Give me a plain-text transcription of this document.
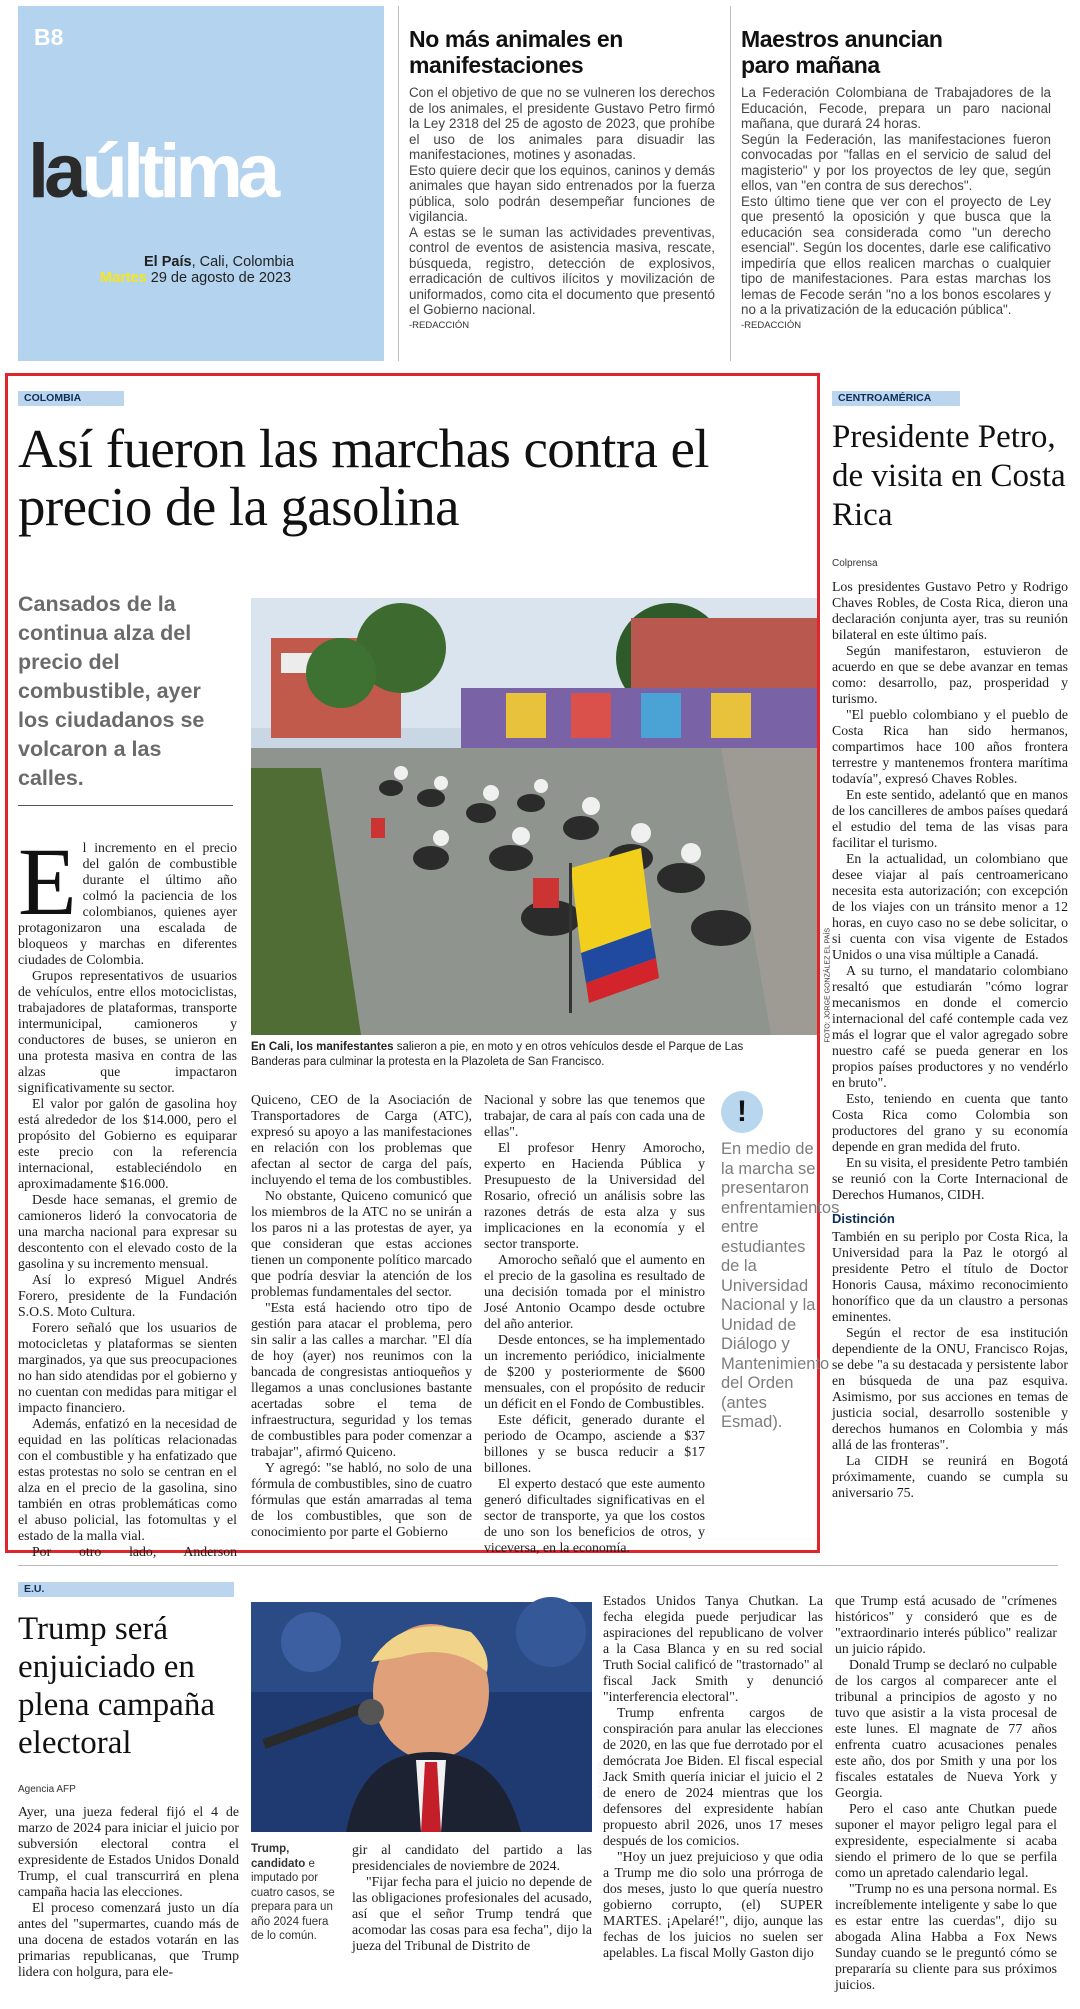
B8
laúltima
El País, Cali, Colombia
Martes 29 de agosto de 2023
No más animales en manifestaciones

Con el objetivo de que no se vulneren los derechos de los animales, el presidente Gustavo Petro firmó la Ley 2318 del 25 de agosto de 2023, que prohíbe el uso de los animales para disuadir las manifestaciones, motines y asonadas.

Esto quiere decir que los equinos, caninos y demás animales que hayan sido entrenados por la fuerza pública, solo podrán desempeñar funciones de vigilancia.

A estas se le suman las actividades preventivas, control de eventos de asistencia masiva, rescate, búsqueda, registro, detección de explosivos, erradicación de cultivos ilícitos y movilización de uniformados, como cita el documento que presentó el Gobierno nacional.

-REDACCIÓN
Maestros anuncian paro mañana

La Federación Colombiana de Trabajadores de la Educación, Fecode, prepara un paro nacional mañana, que durará 24 horas.

Según la Federación, las manifestaciones fueron convocadas por "fallas en el servicio de salud del magisterio" y por los proyectos de ley que, según ellos, van "en contra de sus derechos".

Esto último tiene que ver con el proyecto de Ley que presentó la oposición y que busca que la educación sea considerada como "un derecho esencial". Según los docentes, darle ese calificativo impediría que ellos realicen marchas o cualquier tipo de manifestaciones. Para estas marchas los lemas de Fecode serán "no a los bonos escolares y no a la privatización de la educación pública".

-REDACCIÓN
COLOMBIA
Así fueron las marchas contra el precio de la gasolina
Cansados de la continua alza del precio del combustible, ayer los ciudadanos se volcaron a las calles.
FOTO: JORGE GONZÁLEZ EL PAÍS
En Cali, los manifestantes salieron a pie, en moto y en otros vehículos desde el Parque de Las Banderas para culminar la protesta en la Plazoleta de San Francisco.
E l incremento en el precio del galón de combustible durante el último año colmó la paciencia de los colombianos, quienes ayer protagonizaron una escalada de bloqueos y marchas en diferentes ciudades de Colombia.

Grupos representativos de usuarios de vehículos, entre ellos motociclistas, trabajadores de plataformas, transporte intermunicipal, camioneros y conductores de buses, se unieron en una protesta masiva en contra de las alzas que impactaron significativamente su sector.

El valor por galón de gasolina hoy está alrededor de los $14.000, pero el propósito del Gobierno es equiparar este precio con la referencia internacional, estableciéndolo en aproximadamente $16.000.

Desde hace semanas, el gremio de camioneros lideró la convocatoria de una marcha nacional para expresar su descontento con el elevado costo de la gasolina y su incremento mensual.

Así lo expresó Miguel Andrés Forero, presidente de la Fundación S.O.S. Moto Cultura.

Forero señaló que los usuarios de motocicletas y plataformas se sienten marginados, ya que sus preocupaciones no han sido atendidas por el gobierno y no cuentan con medidas para mitigar el impacto financiero.

Además, enfatizó en la necesidad de equidad en las políticas relacionadas con el combustible y ha enfatizado que estas protestas no solo se centran en el alza en el precio de la gasolina, sino también en otras problemáticas como el abuso policial, las fotomultas y el estado de la malla vial.

Por otro lado, Anderson

Quiceno, CEO de la Asociación de Transportadores de Carga (ATC), expresó su apoyo a las manifestaciones en relación con los problemas que afectan al sector de carga del país, incluyendo el tema de los combustibles.

No obstante, Quiceno comunicó que los miembros de la ATC no se unirán a los paros ni a las protestas de ayer, ya que consideran que estas acciones tienen un componente político marcado que podría desviar la atención de los problemas fundamentales del sector.

"Esta está haciendo otro tipo de gestión para atacar el problema, pero sin salir a las calles a marchar. "El día de hoy (ayer) nos reunimos con la bancada de congresistas antioqueños y llegamos a unas conclusiones bastante acertadas sobre el tema de infraestructura, seguridad y los temas de combustibles para poder comenzar a trabajar", afirmó Quiceno.

Y agregó: "se habló, no solo de una fórmula de combustibles, sino de cuatro fórmulas que están amarradas al tema de los combustibles, que son de conocimiento por parte el Gobierno

Nacional y sobre las que tenemos que trabajar, de cara al país con cada una de ellas".

El profesor Henry Amorocho, experto en Hacienda Pública y Presupuesto de la Universidad del Rosario, ofreció un análisis sobre las razones detrás de esta alza y sus implicaciones en la economía y el sector transporte.

Amorocho señaló que el aumento en el precio de la gasolina es resultado de una decisión tomada por el ministro José Antonio Ocampo desde octubre del año anterior.

Desde entonces, se ha implementado un incremento periódico, inicialmente de $200 y posteriormente de $600 mensuales, con el propósito de reducir un déficit en el Fondo de Combustibles.

Este déficit, generado durante el periodo de Ocampo, asciende a $37 billones y se busca reducir a $17 billones.

El experto destacó que este aumento generó dificultades significativas en el sector de transporte, ya que los costos de uno son los beneficios de otros, y viceversa, en la economía.

!
En medio de la marcha se presentaron enfrentamientos entre estudiantes de la Universidad Nacional y la Unidad de Diálogo y Mantenimiento del Orden (antes Esmad).
CENTROAMÉRICA
Presidente Petro, de visita en Costa Rica
Colprensa

Los presidentes Gustavo Petro y Rodrigo Chaves Robles, de Costa Rica, dieron una declaración conjunta ayer, tras su reunión bilateral en este último país.

Según manifestaron, estuvieron de acuerdo en que se debe avanzar en temas como: desarrollo, paz, prosperidad y turismo.

"El pueblo colombiano y el pueblo de Costa Rica han sido hermanos, compartimos hace 100 años frontera terrestre y mantenemos frontera marítima todavía", expresó Chaves Robles.

En este sentido, adelantó que en manos de los cancilleres de ambos países quedará el estudio del tema de las visas para facilitar el turismo.

En la actualidad, un colombiano que desee viajar al país centroamericano necesita esta autorización; con excepción de los viajes con un tránsito menor a 12 horas, en cuyo caso no se debe solicitar, o si cuenta con visa vigente de Estados Unidos o una visa múltiple a Canadá.

A su turno, el mandatario colombiano resaltó que estudiarán "cómo lograr mecanismos en donde el comercio internacional del café contemple cada vez más el lograr que el valor agregado sobre nuestro café se pueda generar en los propios países productores y no vendérlo en bruto".

Esto, teniendo en cuenta que tanto Costa Rica como Colombia son productores del grano y su economía depende en gran medida del fruto.

En su visita, el presidente Petro también se reunió con la Corte Internacional de Derechos Humanos, CIDH.

Distinción

También en su periplo por Costa Rica, la Universidad para la Paz le otorgó al presidente Petro el título de Doctor Honoris Causa, máximo reconocimiento honorífico que da un claustro a personas eminentes.

Según el rector de esa institución dependiente de la ONU, Francisco Rojas, se debe "a su destacada y persistente labor en búsqueda de una paz esquiva. Asimismo, por sus acciones en temas de justicia social, desarrollo sostenible y derechos humanos en Colombia y más allá de las fronteras".

La CIDH se reunirá en Bogotá próximamente, cuando se cumpla su aniversario 75.

E.U.
Trump será enjuiciado en plena campaña electoral
Agencia AFP

Ayer, una jueza federal fijó el 4 de marzo de 2024 para iniciar el juicio por subversión electoral contra el expresidente de Estados Unidos Donald Trump, el cual transcurrirá en plena campaña hacia las elecciones.

El proceso comenzará justo un día antes del "supermartes, cuando más de una docena de estados votarán en las primarias republicanas, que Trump lidera con holgura, para ele-

FOTO: AFP
Trump, candidato e imputado por cuatro casos, se prepara para un año 2024 fuera de lo común.

gir al candidato del partido a las presidenciales de noviembre de 2024.

"Fijar fecha para el juicio no depende de las obligaciones profesionales del acusado, así que el señor Trump tendrá que acomodar las cosas para esa fecha", dijo la jueza del Tribunal de Distrito de

Estados Unidos Tanya Chutkan. La fecha elegida puede perjudicar las aspiraciones del republicano de volver a la Casa Blanca y en su red social Truth Social calificó de "trastornado" al fiscal Jack Smith y denunció "interferencia electoral".

Trump enfrenta cargos de conspiración para anular las elecciones de 2020, en las que fue derrotado por el demócrata Joe Biden. El fiscal especial Jack Smith quería iniciar el juicio el 2 de enero de 2024 mientras que los defensores del expresidente habían propuesto abril 2026, unos 17 meses después de los comicios.

"Hoy un juez prejuicioso y que odia a Trump me dio solo una prórroga de dos meses, justo lo que quería nuestro gobierno corrupto, (el) SUPER MARTES. ¡Apelaré!", dijo, aunque las fechas de los juicios no suelen ser apelables. La fiscal Molly Gaston dijo

que Trump está acusado de "crímenes históricos" y consideró que es de "extraordinario interés público" realizar un juicio rápido.

Donald Trump se declaró no culpable de los cargos al comparecer ante el tribunal a principios de agosto y no tuvo que asistir a la vista procesal de este lunes. El magnate de 77 años enfrenta cuatro acusaciones penales este año, dos por Smith y una por los fiscales estatales de Nueva York y Georgia.

Pero el caso ante Chutkan puede suponer el mayor peligro legal para el expresidente, especialmente si acaba siendo el primero de lo que se perfila como un apretado calendario legal.

"Trump no es una persona normal. Es increíblemente inteligente y sabe lo que es estar entre las cuerdas", dijo su abogada Alina Habba a Fox News Sunday cuando se le preguntó cómo se prepararía su cliente para sus próximos juicios.
